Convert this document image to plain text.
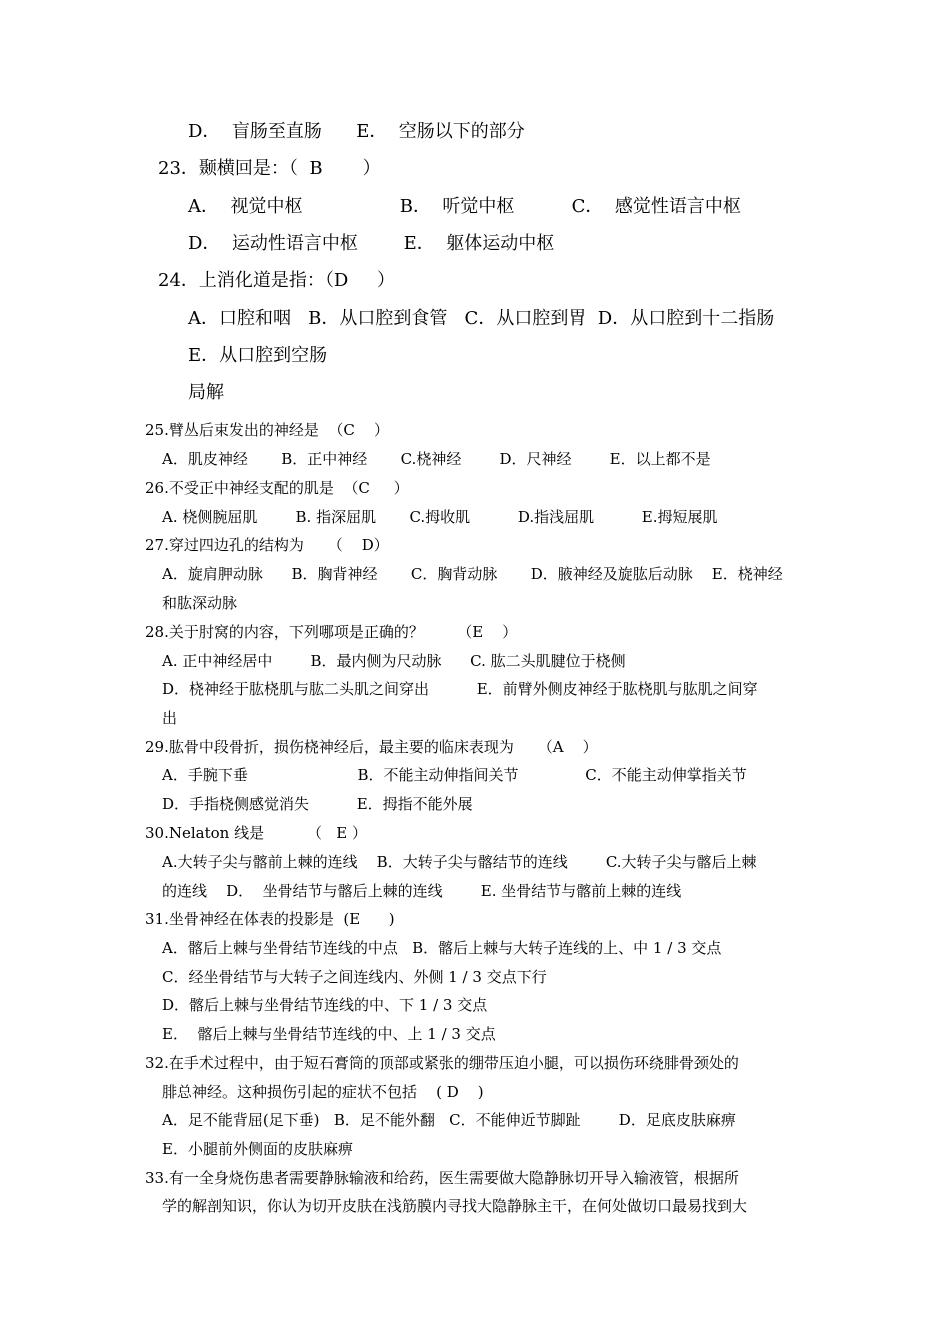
D．  盲肠至直肠      E．  空肠以下的部分
23．颞横回是：（  B       ）
A．  视觉中枢                 B．  听觉中枢          C．  感觉性语言中枢
D．  运动性语言中枢        E．  躯体运动中枢
24．上消化道是指：（D     ）
A．口腔和咽   B．从口腔到食管   C．从口腔到胃  D．从口腔到十二指肠
E．从口腔到空肠
局解
25.臂丛后束发出的神经是  （C    ）
A．肌皮神经       B．正中神经       C.桡神经        D．尺神经        E．以上都不是
26.不受正中神经支配的肌是  （C     ）
A. 桡侧腕屈肌        B. 指深屈肌       C.拇收肌          D.指浅屈肌          E.拇短展肌
27.穿过四边孔的结构为     （    D）
A．旋肩胛动脉      B．胸背神经       C．胸背动脉       D．腋神经及旋肱后动脉    E．桡神经
和肱深动脉
28.关于肘窝的内容，下列哪项是正确的？       （E    ）
A. 正中神经居中        B．最内侧为尺动脉      C. 肱二头肌腱位于桡侧
D．桡神经于肱桡肌与肱二头肌之间穿出          E．前臂外侧皮神经于肱桡肌与肱肌之间穿
出
29.肱骨中段骨折，损伤桡神经后，最主要的临床表现为     （A    ）
A．手腕下垂                       B．不能主动伸指间关节              C．不能主动伸掌指关节
D．手指桡侧感觉消失          E．拇指不能外展
30.Nelaton 线是         （   E ）
A.大转子尖与髂前上棘的连线    B．大转子尖与髂结节的连线        C.大转子尖与髂后上棘
的连线    D．  坐骨结节与髂后上棘的连线        E. 坐骨结节与髂前上棘的连线
31.坐骨神经在体表的投影是  (E      )
A．髂后上棘与坐骨结节连线的中点   B．髂后上棘与大转子连线的上、中 1 / 3 交点
C．经坐骨结节与大转子之间连线内、外侧 1 / 3 交点下行
D．髂后上棘与坐骨结节连线的中、下 1 / 3 交点
E．  髂后上棘与坐骨结节连线的中、上 1 / 3 交点
32.在手术过程中，由于短石膏筒的顶部或紧张的绷带压迫小腿，可以损伤环绕腓骨颈处的
腓总神经。这种损伤引起的症状不包括    ( D    )
A．足不能背屈(足下垂)   B．足不能外翻   C．不能伸近节脚趾        D．足底皮肤麻痹
E．小腿前外侧面的皮肤麻痹
33.有一全身烧伤患者需要静脉输液和给药，医生需要做大隐静脉切开导入输液管，根据所
学的解剖知识，你认为切开皮肤在浅筋膜内寻找大隐静脉主干，在何处做切口最易找到大
